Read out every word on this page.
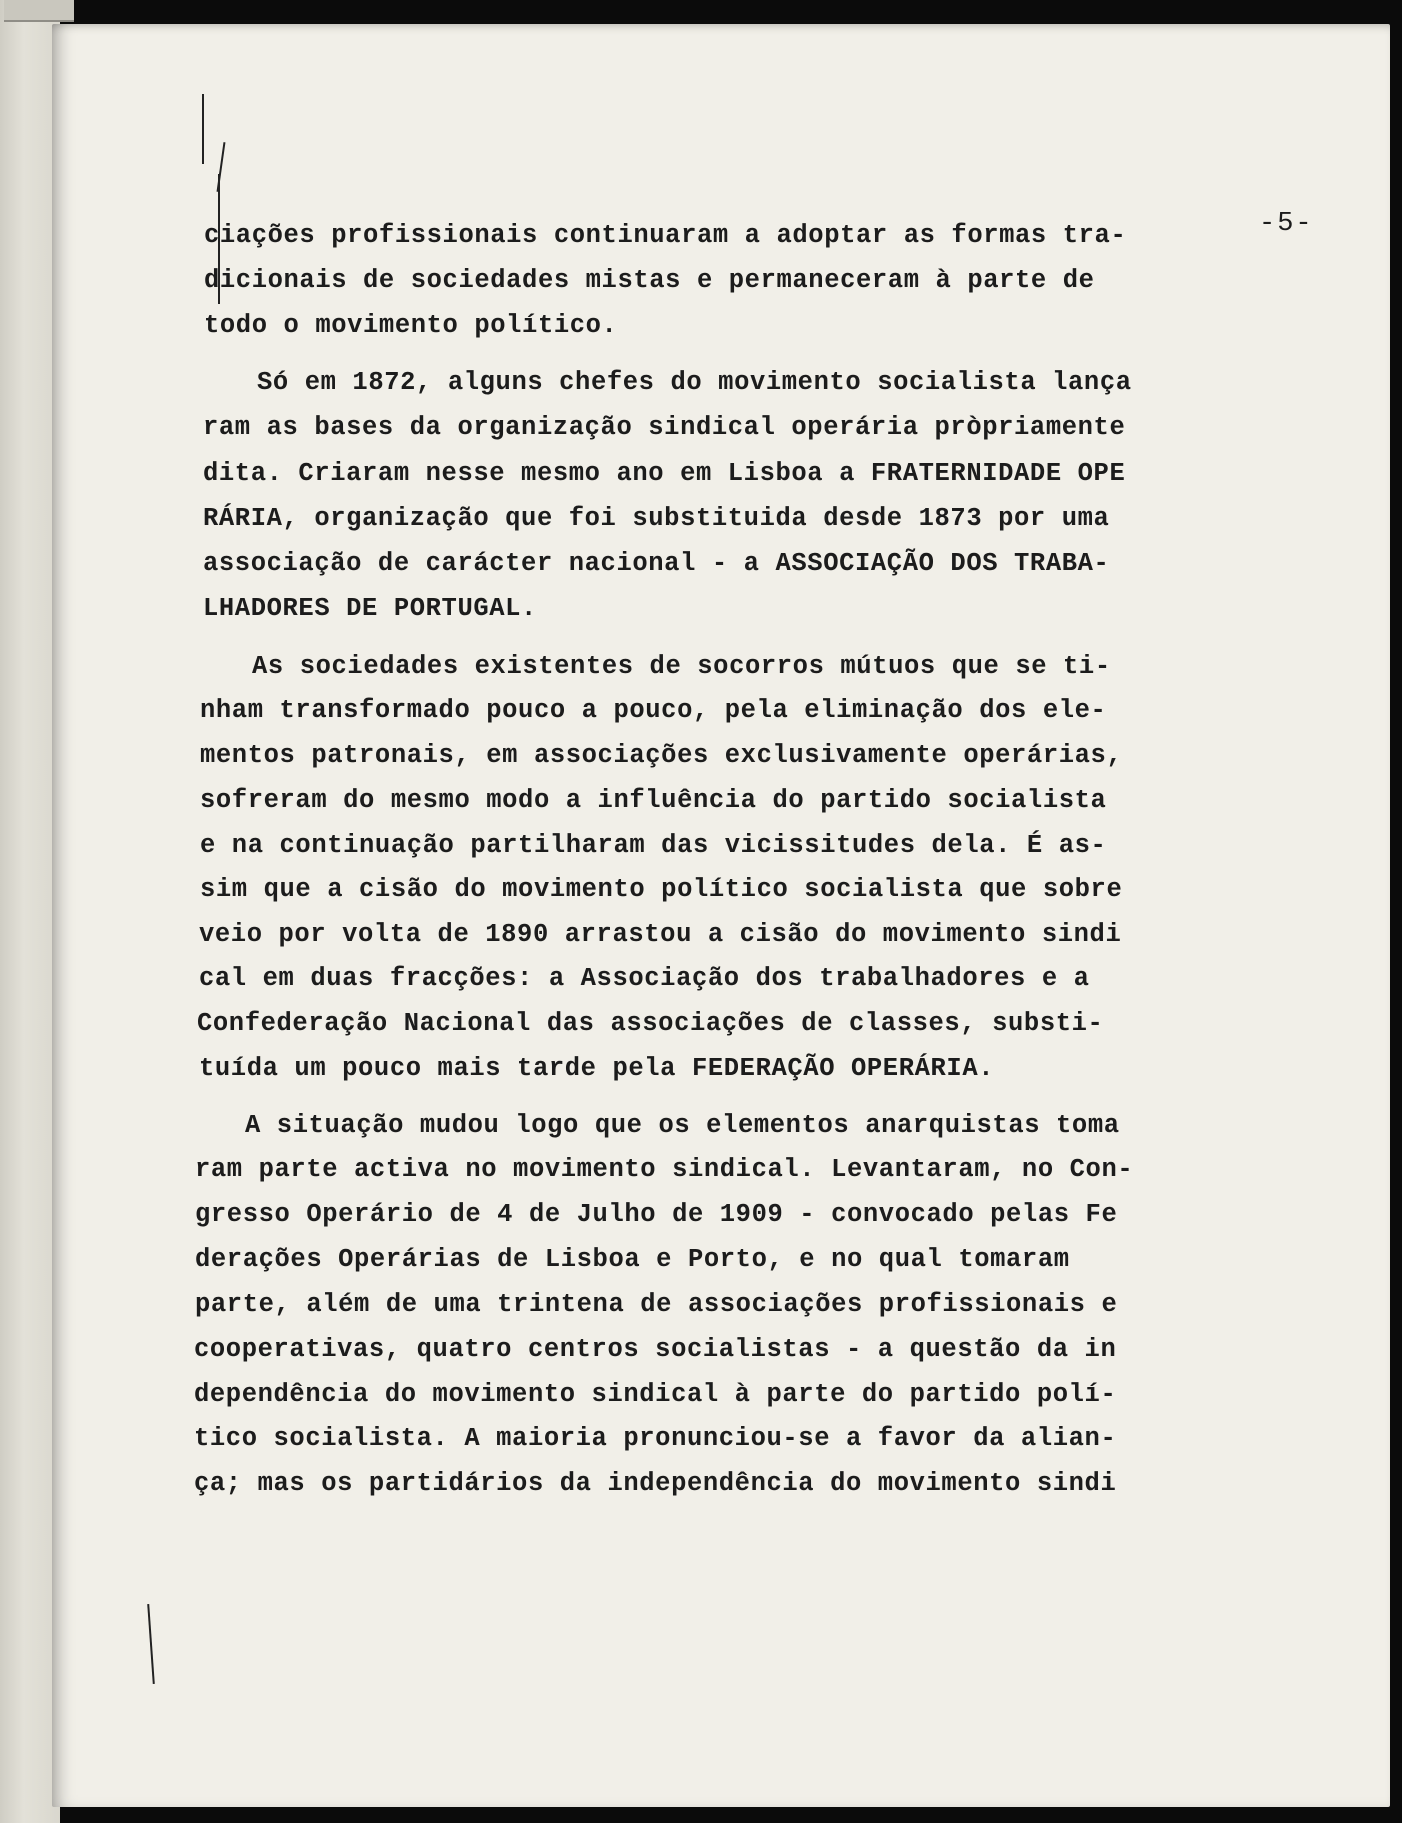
-5-
ciações profissionais continuaram a adoptar as formas tra-
dicionais de sociedades mistas e permaneceram à parte de
todo o movimento político.
Só em 1872, alguns chefes do movimento socialista lança
ram as bases da organização sindical operária pròpriamente
dita. Criaram nesse mesmo ano em Lisboa a FRATERNIDADE OPE
RÁRIA, organização que foi substituida desde 1873 por uma
associação de carácter nacional - a ASSOCIAÇÃO DOS TRABA-
LHADORES DE PORTUGAL.
As sociedades existentes de socorros mútuos que se ti-
nham transformado pouco a pouco, pela eliminação dos ele-
mentos patronais, em associações exclusivamente operárias,
sofreram do mesmo modo a influência do partido socialista
e na continuação partilharam das vicissitudes dela. É as-
sim que a cisão do movimento político socialista que sobre
veio por volta de 1890 arrastou a cisão do movimento sindi
cal em duas fracções: a Associação dos trabalhadores e a
Confederação Nacional das associações de classes, substi-
tuída um pouco mais tarde pela FEDERAÇÃO OPERÁRIA.
A situação mudou logo que os elementos anarquistas toma
ram parte activa no movimento sindical. Levantaram, no Con-
gresso Operário de 4 de Julho de 1909 - convocado pelas Fe
derações Operárias de Lisboa e Porto, e no qual tomaram
parte, além de uma trintena de associações profissionais e
cooperativas, quatro centros socialistas - a questão da in
dependência do movimento sindical à parte do partido polí-
tico socialista. A maioria pronunciou-se a favor da alian-
ça; mas os partidários da independência do movimento sindi
